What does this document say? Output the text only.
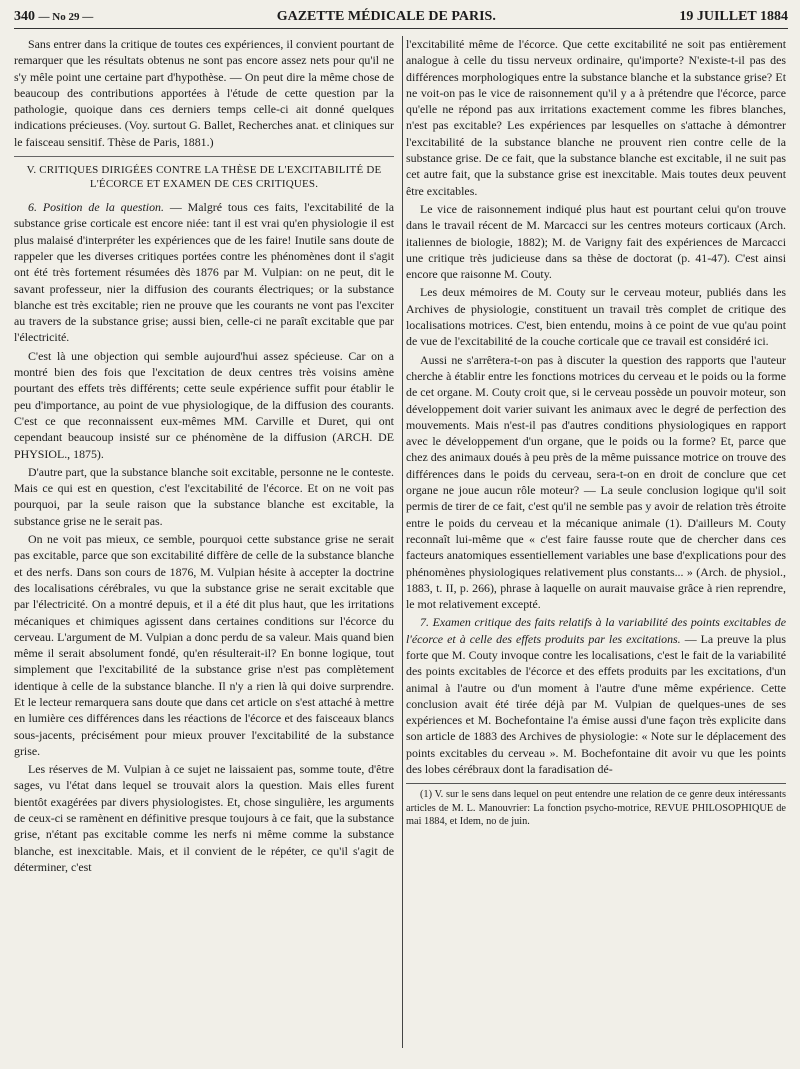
340 — No 29 —	GAZETTE MÉDICALE DE PARIS.	19 JUILLET 1884

Sans entrer dans la critique de toutes ces expériences, il convient pourtant de remarquer que les résultats obtenus ne sont pas encore assez nets pour qu'il ne s'y mêle point une certaine part d'hypothèse. — On peut dire la même chose de beaucoup des contributions apportées à l'étude de cette question par la pathologie, quoique dans ces derniers temps celle-ci ait donné quelques indications précieuses. (Voy. surtout G. Ballet, Recherches anat. et cliniques sur le faisceau sensitif. Thèse de Paris, 1881.)

V. CRITIQUES DIRIGÉES CONTRE LA THÈSE DE L'EXCITABILITÉ DE
L'ÉCORCE ET EXAMEN DE CES CRITIQUES.

6. Position de la question. — Malgré tous ces faits, l'excitabilité de la substance grise corticale est encore niée: tant il est vrai qu'en physiologie il est plus malaisé d'interpréter les expériences que de les faire! Inutile sans doute de rappeler que les diverses critiques portées contre les phénomènes dont il s'agit ont été très fortement résumées dès 1876 par M. Vulpian: on ne peut, dit le savant professeur, nier la diffusion des courants électriques; or la substance blanche est très excitable; rien ne prouve que les courants ne vont pas l'exciter au travers de la substance grise; aussi bien, celle-ci ne paraît excitable que par l'électricité.

C'est là une objection qui semble aujourd'hui assez spécieuse. Car on a montré bien des fois que l'excitation de deux centres très voisins amène pourtant des effets très différents; cette seule expérience suffit pour établir le peu d'importance, au point de vue physiologique, de la diffusion des courants. C'est ce que reconnaissent eux-mêmes MM. Carville et Duret, qui ont cependant beaucoup insisté sur ce phénomène de la diffusion (ARCH. DE PHYSIOL., 1875).

D'autre part, que la substance blanche soit excitable, personne ne le conteste. Mais ce qui est en question, c'est l'excitabilité de l'écorce. Et on ne voit pas pourquoi, par la seule raison que la substance blanche est excitable, la substance grise ne le serait pas.

On ne voit pas mieux, ce semble, pourquoi cette substance grise ne serait pas excitable, parce que son excitabilité diffère de celle de la substance blanche et des nerfs. Dans son cours de 1876, M. Vulpian hésite à accepter la doctrine des localisations cérébrales, vu que la substance grise ne serait excitable que par l'électricité. On a montré depuis, et il a été dit plus haut, que les irritations mécaniques et chimiques agissent dans certaines conditions sur l'écorce du cerveau. L'argument de M. Vulpian a donc perdu de sa valeur. Mais quand bien même il serait absolument fondé, qu'en résulterait-il? En bonne logique, tout simplement que l'excitabilité de la substance grise n'est pas complètement identique à celle de la substance blanche. Il n'y a rien là qui doive surprendre. Et le lecteur remarquera sans doute que dans cet article on s'est attaché à mettre en lumière ces différences dans les réactions de l'écorce et des faisceaux blancs sous-jacents, précisément pour mieux prouver l'excitabilité de la substance grise.

Les réserves de M. Vulpian à ce sujet ne laissaient pas, somme toute, d'être sages, vu l'état dans lequel se trouvait alors la question. Mais elles furent bientôt exagérées par divers physiologistes. Et, chose singulière, les arguments de ceux-ci se ramènent en définitive presque toujours à ce fait, que la substance grise, n'étant pas excitable comme les nerfs ni même comme la substance blanche, est inexcitable. Mais, et il convient de le répéter, ce qu'il s'agit de déterminer, c'est

l'excitabilité même de l'écorce. Que cette excitabilité ne soit pas entièrement analogue à celle du tissu nerveux ordinaire, qu'importe? N'existe-t-il pas des différences morphologiques entre la substance blanche et la substance grise? Et ne voit-on pas le vice de raisonnement qu'il y a à prétendre que l'écorce, parce qu'elle ne répond pas aux irritations exactement comme les fibres blanches, n'est pas excitable? Les expériences par lesquelles on s'attache à démontrer l'excitabilité de la substance blanche ne prouvent rien contre celle de la substance grise. De ce fait, que la substance blanche est excitable, il ne suit pas cet autre fait, que la substance grise est inexcitable. Mais toutes deux peuvent être excitables.

Le vice de raisonnement indiqué plus haut est pourtant celui qu'on trouve dans le travail récent de M. Marcacci sur les centres moteurs corticaux (Arch. italiennes de biologie, 1882); M. de Varigny fait des expériences de Marcacci une critique très judicieuse dans sa thèse de doctorat (p. 41-47). C'est ainsi encore que raisonne M. Couty.

Les deux mémoires de M. Couty sur le cerveau moteur, publiés dans les Archives de physiologie, constituent un travail très complet de critique des localisations motrices. C'est, bien entendu, moins à ce point de vue qu'au point de vue de l'excitabilité de la couche corticale que ce travail est considéré ici.

Aussi ne s'arrêtera-t-on pas à discuter la question des rapports que l'auteur cherche à établir entre les fonctions motrices du cerveau et le poids ou la forme de cet organe. M. Couty croit que, si le cerveau possède un pouvoir moteur, son développement doit varier suivant les animaux avec le degré de perfection des mouvements. Mais n'est-il pas d'autres conditions physiologiques en rapport avec le développement d'un organe, que le poids ou la forme? Et, parce que chez des animaux doués à peu près de la même puissance motrice on trouve des différences dans le poids du cerveau, sera-t-on en droit de conclure que cet organe ne joue aucun rôle moteur? — La seule conclusion logique qu'il soit permis de tirer de ce fait, c'est qu'il ne semble pas y avoir de relation très étroite entre le poids du cerveau et la mécanique animale (1). D'ailleurs M. Couty reconnaît lui-même que « c'est faire fausse route que de chercher dans ces facteurs anatomiques essentiellement variables une base d'explications pour des phénomènes physiologiques relativement plus constants... » (Arch. de physiol., 1883, t. II, p. 266), phrase à laquelle on aurait mauvaise grâce à rien reprendre, le mot relativement excepté.

7. Examen critique des faits relatifs à la variabilité des points excitables de l'écorce et à celle des effets produits par les excitations. — La preuve la plus forte que M. Couty invoque contre les localisations, c'est le fait de la variabilité des points excitables de l'écorce et des effets produits par les excitations, d'un animal à l'autre ou d'un moment à l'autre d'une même expérience. Cette conclusion avait été tirée déjà par M. Vulpian de quelques-unes de ses expériences et M. Bochefontaine l'a émise aussi d'une façon très explicite dans son article de 1883 des Archives de physiologie: « Note sur le déplacement des points excitables du cerveau ». M. Bochefontaine dit avoir vu que les points des lobes cérébraux dont la faradisation dé-

(1) V. sur le sens dans lequel on peut entendre une relation de ce genre deux intéressants articles de M. L. Manouvrier: La fonction psycho-motrice, REVUE PHILOSOPHIQUE de mai 1884, et Idem, no de juin.
